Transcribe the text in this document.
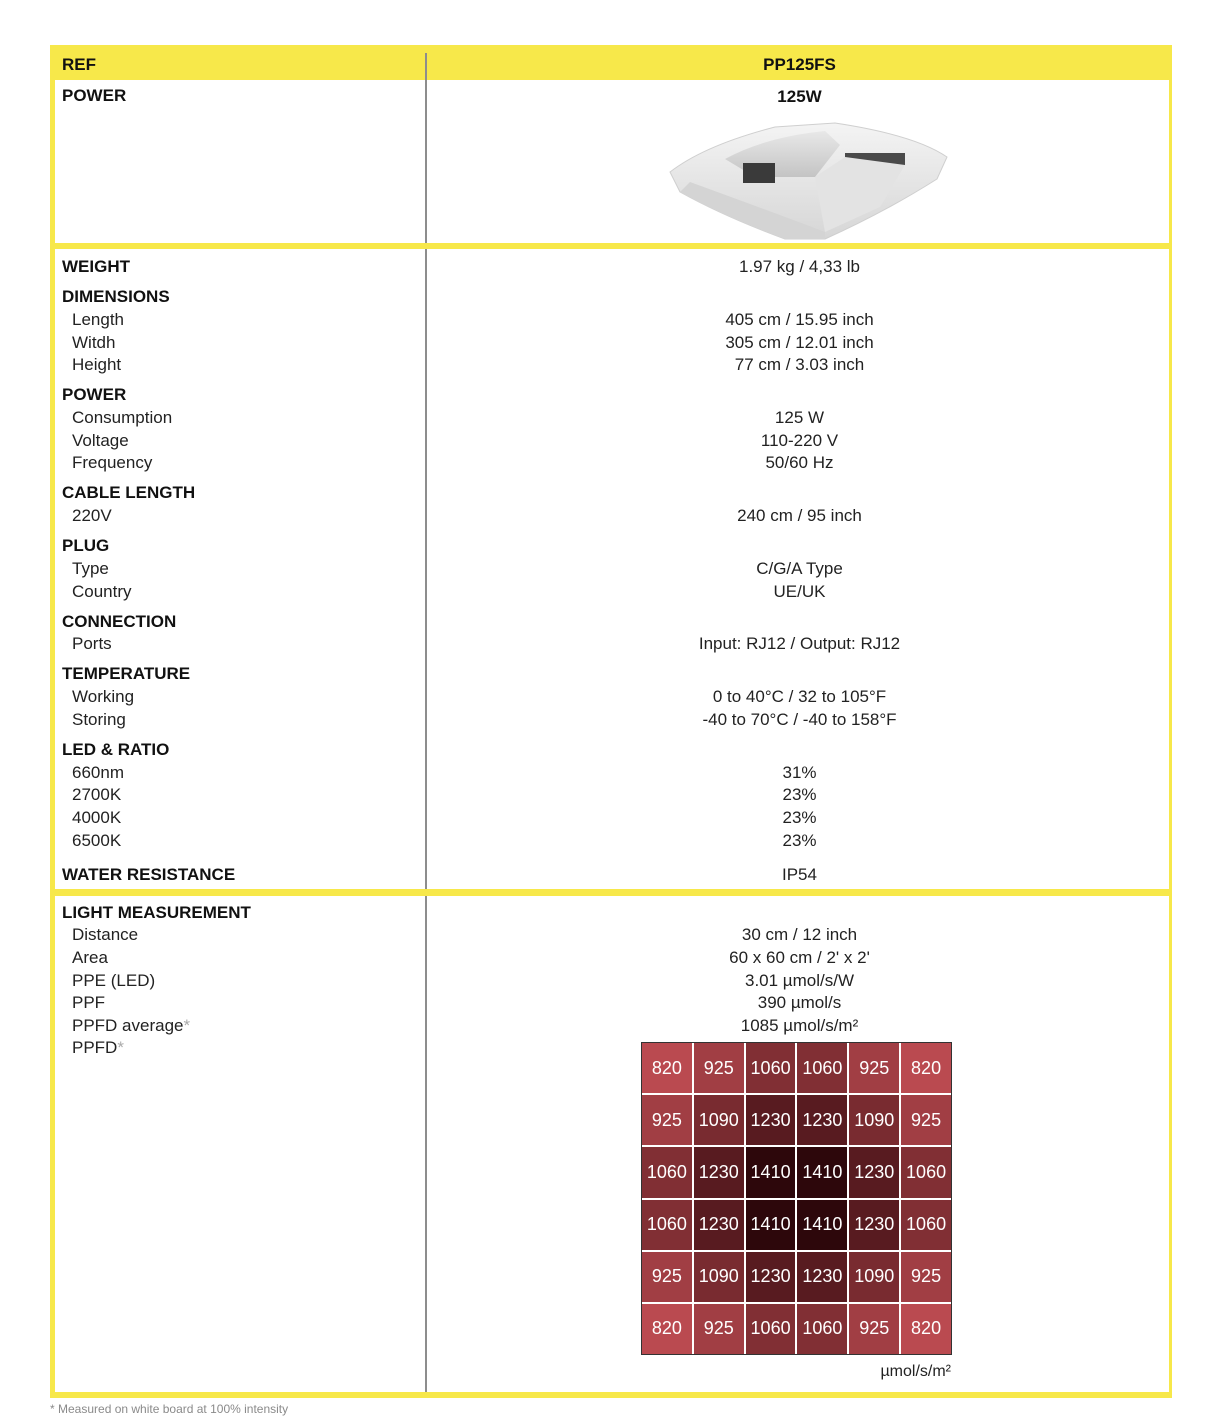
REF	PP125FS
POWER	125W
WEIGHT	1.97 kg / 4,33 lb
DIMENSIONS
Length	405 cm / 15.95 inch
Witdh	305 cm / 12.01 inch
Height	77 cm / 3.03 inch
POWER
Consumption	125 W
Voltage	110-220 V
Frequency	50/60 Hz
CABLE LENGTH
220V	240 cm / 95 inch
PLUG
Type	C/G/A Type
Country	UE/UK
CONNECTION
Ports	Input: RJ12 / Output: RJ12
TEMPERATURE
Working	0 to 40°C / 32 to 105°F
Storing	-40 to 70°C / -40 to 158°F
LED & RATIO
660nm	31%
2700K	23%
4000K	23%
6500K	23%
WATER RESISTANCE	IP54
LIGHT MEASUREMENT
Distance	30 cm / 12 inch
Area	60 x 60 cm / 2' x 2'
PPE (LED)	3.01 µmol/s/W
PPF	390 µmol/s
PPFD average*	1085 µmol/s/m²
PPFD*
820	925 1060 1060 925	820
925 1090 1230 1230 1090 925
1060 1230 1410 1410 1230 1060
1060 1230 1410 1410 1230 1060
925 1090 1230 1230 1090 925
820	925 1060 1060 925	820
µmol/s/m²
* Measured on white board at 100% intensity
